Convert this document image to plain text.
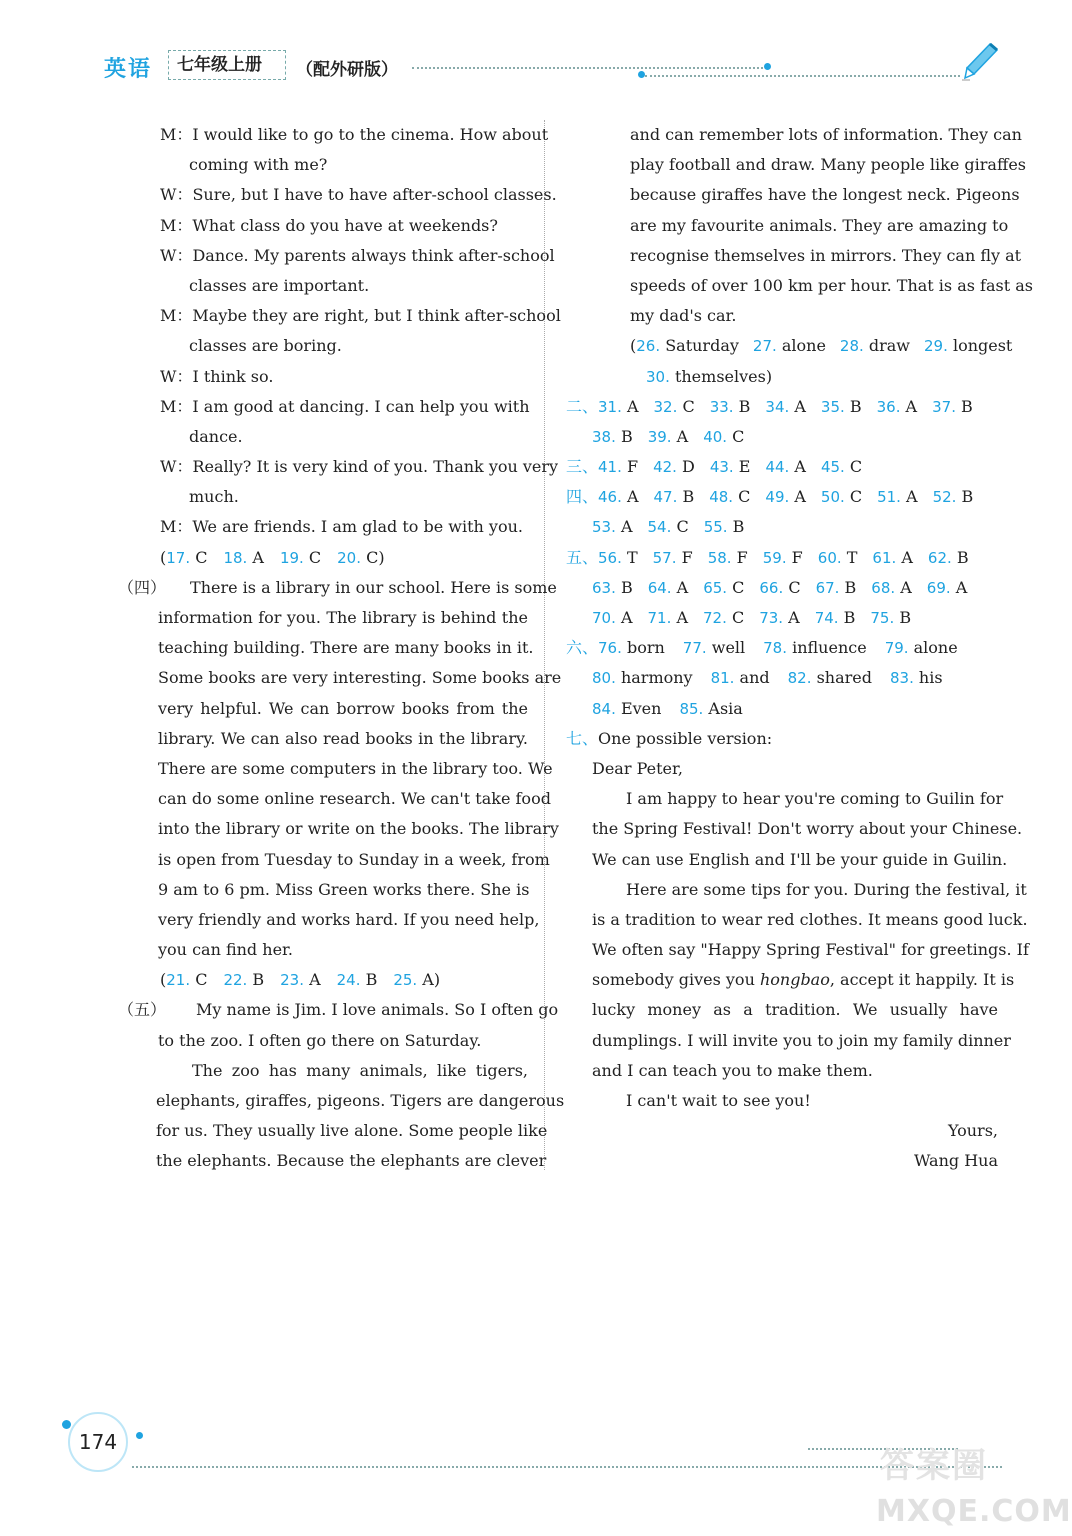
英语	七年级上册	（配外研版）
M：I would like to go to the cinema. How about
coming with me?
W：Sure, but I have to have after-school classes.
M：What class do you have at weekends?
W：Dance. My parents always think after-school
classes are important.
M：Maybe they are right, but I think after-school
classes are boring.
W：I think so.
M：I am good at dancing. I can help you with
dance.
W：Really? It is very kind of you. Thank you very
much.
M：We are friends. I am glad to be with you.
(17. C 18. A 19. C 20. C)
（四） There is a library in our school. Here is some
information for you. The library is behind the
teaching building. There are many books in it.
Some books are very interesting. Some books are
very helpful. We can borrow books from the
library. We can also read books in the library.
There are some computers in the library too. We
can do some online research. We can't take food
into the library or write on the books. The library
is open from Tuesday to Sunday in a week, from
9 am to 6 pm. Miss Green works there. She is
very friendly and works hard. If you need help,
you can find her.
(21. C 22. B 23. A 24. B 25. A)
（五） My name is Jim. I love animals. So I often go
to the zoo. I often go there on Saturday.
The zoo has many animals, like tigers,
elephants, giraffes, pigeons. Tigers are dangerous
for us. They usually live alone. Some people like
the elephants. Because the elephants are clever
and can remember lots of information. They can
play football and draw. Many people like giraffes
because giraffes have the longest neck. Pigeons
are my favourite animals. They are amazing to
recognise themselves in mirrors. They can fly at
speeds of over 100 km per hour. That is as fast as
my dad's car.
(26. Saturday 27. alone 28. draw 29. longest
30. themselves)
二、31. A 32. C 33. B 34. A 35. B 36. A 37. B
38. B 39. A 40. C
三、41. F 42. D 43. E 44. A 45. C
四、46. A 47. B 48. C 49. A 50. C 51. A 52. B
53. A 54. C 55. B
五、56. T 57. F 58. F 59. F 60. T 61. A 62. B
63. B 64. A 65. C 66. C 67. B 68. A 69. A
70. A 71. A 72. C 73. A 74. B 75. B
六、76. born 77. well 78. influence 79. alone
80. harmony 81. and 82. shared 83. his
84. Even 85. Asia
七、One possible version:
Dear Peter,
I am happy to hear you're coming to Guilin for
the Spring Festival! Don't worry about your Chinese.
We can use English and I'll be your guide in Guilin.
Here are some tips for you. During the festival, it
is a tradition to wear red clothes. It means good luck.
We often say "Happy Spring Festival" for greetings. If
somebody gives you hongbao, accept it happily. It is
lucky money as a tradition. We usually have
dumplings. I will invite you to join my family dinner
and I can teach you to make them.
I can't wait to see you!
Yours,
Wang Hua
174
答案圈
MXQE.COM
